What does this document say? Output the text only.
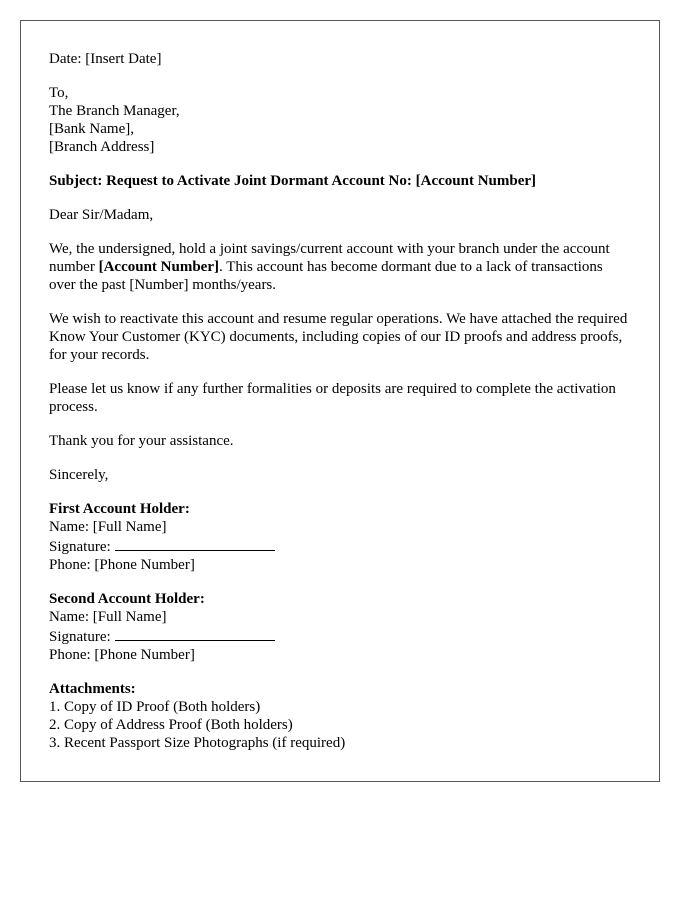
Date: [Insert Date]

To,
The Branch Manager,
[Bank Name],
[Branch Address]

Subject: Request to Activate Joint Dormant Account No: [Account Number]

Dear Sir/Madam,

We, the undersigned, hold a joint savings/current account with your branch under the account number [Account Number]. This account has become dormant due to a lack of transactions over the past [Number] months/years.

We wish to reactivate this account and resume regular operations. We have attached the required Know Your Customer (KYC) documents, including copies of our ID proofs and address proofs, for your records.

Please let us know if any further formalities or deposits are required to complete the activation process.

Thank you for your assistance.

Sincerely,

First Account Holder:
Name: [Full Name]
Signature:
Phone: [Phone Number]

Second Account Holder:
Name: [Full Name]
Signature:
Phone: [Phone Number]

Attachments:
1. Copy of ID Proof (Both holders)
2. Copy of Address Proof (Both holders)
3. Recent Passport Size Photographs (if required)
